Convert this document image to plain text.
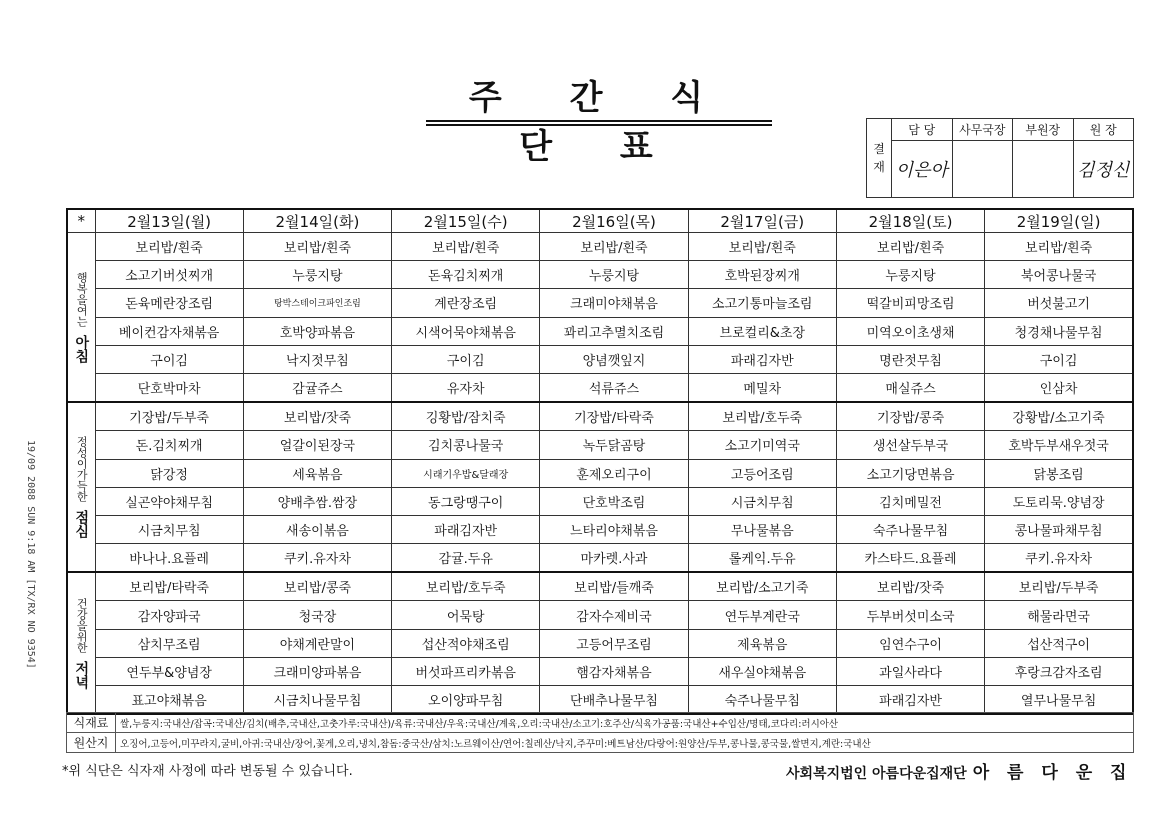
주 간 식 단 표	결
재	담 당	사무국장	부원장	원 장
	이은아			김정신
*	2월13일(월)	2월14일(화)	2월15일(수)	2월16일(목)	2월17일(금)	2월18일(토)	2월19일(일)
행복을여는
아침	보리밥/흰죽	보리밥/흰죽	보리밥/흰죽	보리밥/흰죽	보리밥/흰죽	보리밥/흰죽	보리밥/흰죽
	소고기버섯찌개	누룽지탕	돈육김치찌개	누룽지탕	호박된장찌개	누룽지탕	북어콩나물국
	돈육메란장조림	탕박스테이크파인조림	계란장조림	크래미야채볶음	소고기통마늘조림	떡갈비피망조림	버섯불고기
	베이컨감자채볶음	호박양파볶음	시색어묵야채볶음	꽈리고추멸치조림	브로컬리&초장	미역오이초생채	청경채나물무침
	구이김	낙지젓무침	구이김	양념깻잎지	파래김자반	명란젓무침	구이김
	단호박마차	감귤쥬스	유자차	석류쥬스	메밀차	매실쥬스	인삼차
정성이가득한
점심	기장밥/두부죽	보리밥/잣죽	깅황밥/잠치죽	기장밥/타락죽	보리밥/호두죽	기장밥/콩죽	강황밥/소고기죽
	돈.김치찌개	얼갈이된장국	김치콩나물국	녹두닭곰탕	소고기미역국	생선살두부국	호박두부새우젓국
	닭강정	세육볶음	시래기우밥&달래장	훈제오리구이	고등어조림	소고기당면볶음	닭봉조림
	실곤약야채무침	양배추쌈.쌈장	동그랑땡구이	단호박조림	시금치무침	김치메밀전	도토리묵.양념장
	시금치무침	새송이볶음	파래김자반	느타리야채볶음	무나물볶음	숙주나물무침	콩나물파채무침
	바나나.요플레	쿠키.유자차	감귤.두유	마카렛.사과	롤케익.두유	카스타드.요플레	쿠키.유자차
건강을위한
저녁	보리밥/타락죽	보리밥/콩죽	보리밥/호두죽	보리밥/들깨죽	보리밥/소고기죽	보리밥/잣죽	보리밥/두부죽
	감자양파국	청국장	어묵탕	감자수제비국	연두부계란국	두부버섯미소국	해물라면국
	삼치무조림	야채계란말이	섭산적야채조림	고등어무조림	제육볶음	임연수구이	섭산적구이
	연두부&양념장	크래미양파볶음	버섯파프리카볶음	햄감자채볶음	새우실야채볶음	과일사라다	후랑크감자조림
	표고야채볶음	시금치나물무침	오이양파무침	단배추나물무침	숙주나물무침	파래김자반	열무나물무침
식재료	쌀,누룽지:국내산/잡곡:국내산/김치(배추,국내산,고춧가루:국내산)/육류:국내산/우육:국내산/계육,오리:국내산/소고기:호주산/식육가공품:국내산+수입산/명태,코다리:러시아산
원산지	오징어,고등어,미꾸라지,굴비,아귀:국내산/장어,꽃게,오리,냉치,참돔:중국산/삼치:노르웨이산/연어:칠레산/낙지,주꾸미:베트남산/다랑어:원양산/두부,콩나물,콩국물,쌀면지,계란:국내산
*위 식단은 식자재 사정에 따라 변동될 수 있습니다.	사회복지법인 아름다운집재단 아 름 다 운 집
19/09 2088 SUN 9:18 AM [TX/RX NO 9354]
